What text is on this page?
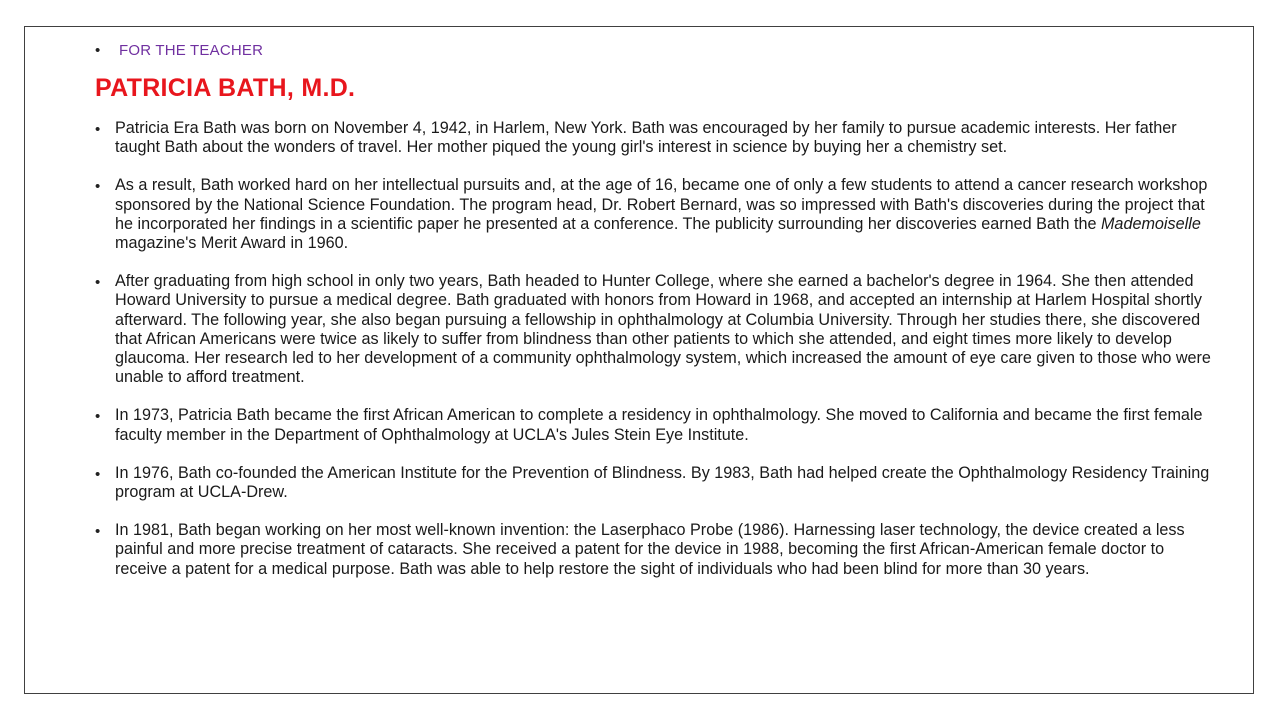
• FOR THE TEACHER
PATRICIA BATH, M.D.
• Patricia Era Bath was born on November 4, 1942, in Harlem, New York. Bath was encouraged by her family to pursue academic interests. Her father taught Bath about the wonders of travel. Her mother piqued the young girl's interest in science by buying her a chemistry set.
• As a result, Bath worked hard on her intellectual pursuits and, at the age of 16, became one of only a few students to attend a cancer research workshop sponsored by the National Science Foundation. The program head, Dr. Robert Bernard, was so impressed with Bath's discoveries during the project that he incorporated her findings in a scientific paper he presented at a conference. The publicity surrounding her discoveries earned Bath the Mademoiselle magazine's Merit Award in 1960.
• After graduating from high school in only two years, Bath headed to Hunter College, where she earned a bachelor's degree in 1964. She then attended Howard University to pursue a medical degree. Bath graduated with honors from Howard in 1968, and accepted an internship at Harlem Hospital shortly afterward. The following year, she also began pursuing a fellowship in ophthalmology at Columbia University. Through her studies there, she discovered that African Americans were twice as likely to suffer from blindness than other patients to which she attended, and eight times more likely to develop glaucoma. Her research led to her development of a community ophthalmology system, which increased the amount of eye care given to those who were unable to afford treatment.
• In 1973, Patricia Bath became the first African American to complete a residency in ophthalmology. She moved to California and became the first female faculty member in the Department of Ophthalmology at UCLA's Jules Stein Eye Institute.
• In 1976, Bath co-founded the American Institute for the Prevention of Blindness. By 1983, Bath had helped create the Ophthalmology Residency Training program at UCLA-Drew.
• In 1981, Bath began working on her most well-known invention: the Laserphaco Probe (1986). Harnessing laser technology, the device created a less painful and more precise treatment of cataracts. She received a patent for the device in 1988, becoming the first African-American female doctor to receive a patent for a medical purpose. Bath was able to help restore the sight of individuals who had been blind for more than 30 years.
